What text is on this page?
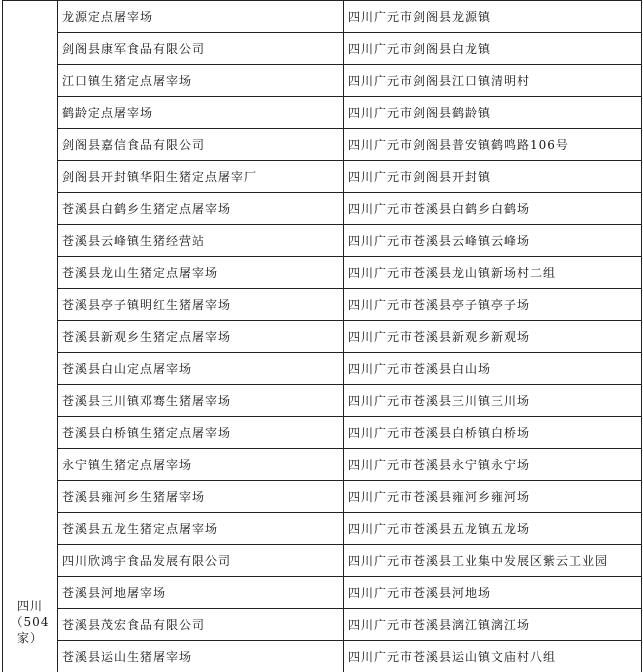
四川（504家）	龙源定点屠宰场	四川广元市剑阁县龙源镇
	剑阁县康军食品有限公司	四川广元市剑阁县白龙镇
	江口镇生猪定点屠宰场	四川广元市剑阁县江口镇清明村
	鹤龄定点屠宰场	四川广元市剑阁县鹤龄镇
	剑阁县嘉信食品有限公司	四川广元市剑阁县普安镇鹤鸣路106号
	剑阁县开封镇华阳生猪定点屠宰厂	四川广元市剑阁县开封镇
	苍溪县白鹤乡生猪定点屠宰场	四川广元市苍溪县白鹤乡白鹤场
	苍溪县云峰镇生猪经营站	四川广元市苍溪县云峰镇云峰场
	苍溪县龙山生猪定点屠宰场	四川广元市苍溪县龙山镇新场村二组
	苍溪县亭子镇明红生猪屠宰场	四川广元市苍溪县亭子镇亭子场
	苍溪县新观乡生猪定点屠宰场	四川广元市苍溪县新观乡新观场
	苍溪县白山定点屠宰场	四川广元市苍溪县白山场
	苍溪县三川镇邓骞生猪屠宰场	四川广元市苍溪县三川镇三川场
	苍溪县白桥镇生猪定点屠宰场	四川广元市苍溪县白桥镇白桥场
	永宁镇生猪定点屠宰场	四川广元市苍溪县永宁镇永宁场
	苍溪县雍河乡生猪屠宰场	四川广元市苍溪县雍河乡雍河场
	苍溪县五龙生猪定点屠宰场	四川广元市苍溪县五龙镇五龙场
	四川欣鸿宇食品发展有限公司	四川广元市苍溪县工业集中发展区紫云工业园
	苍溪县河地屠宰场	四川广元市苍溪县河地场
	苍溪县茂宏食品有限公司	四川广元市苍溪县漓江镇漓江场
	苍溪县运山生猪屠宰场	四川广元市苍溪县运山镇文庙村八组
